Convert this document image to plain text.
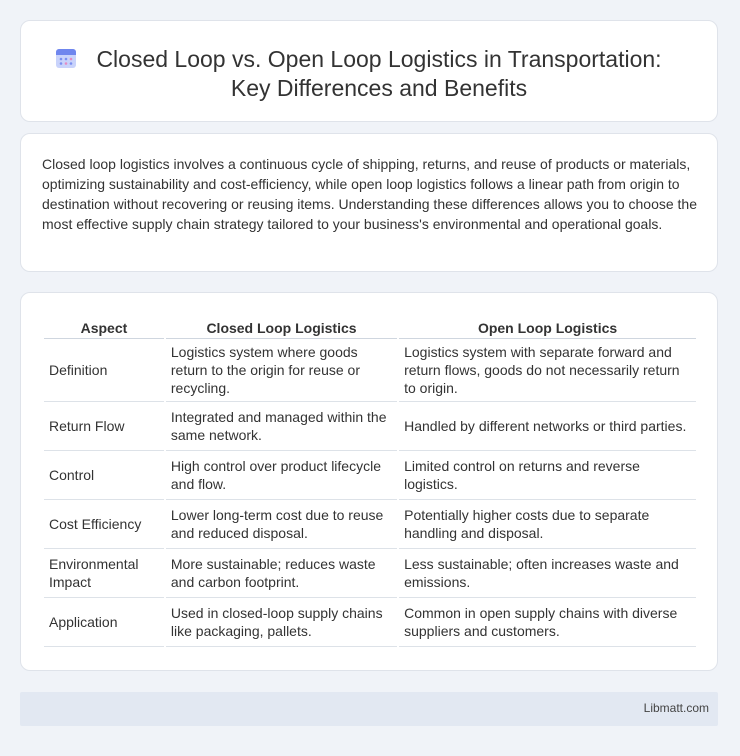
Closed Loop vs. Open Loop Logistics in Transportation: Key Differences and Benefits

Closed loop logistics involves a continuous cycle of shipping, returns, and reuse of products or materials, optimizing sustainability and cost-efficiency, while open loop logistics follows a linear path from origin to destination without recovering or reusing items. Understanding these differences allows you to choose the most effective supply chain strategy tailored to your business's environmental and operational goals.

Aspect	Closed Loop Logistics	Open Loop Logistics
Definition	Logistics system where goods return to the origin for reuse or recycling.	Logistics system with separate forward and return flows, goods do not necessarily return to origin.
Return Flow	Integrated and managed within the same network.	Handled by different networks or third parties.
Control	High control over product lifecycle and flow.	Limited control on returns and reverse logistics.
Cost Efficiency	Lower long-term cost due to reuse and reduced disposal.	Potentially higher costs due to separate handling and disposal.
Environmental Impact	More sustainable; reduces waste and carbon footprint.	Less sustainable; often increases waste and emissions.
Application	Used in closed-loop supply chains like packaging, pallets.	Common in open supply chains with diverse suppliers and customers.
Libmatt.com
